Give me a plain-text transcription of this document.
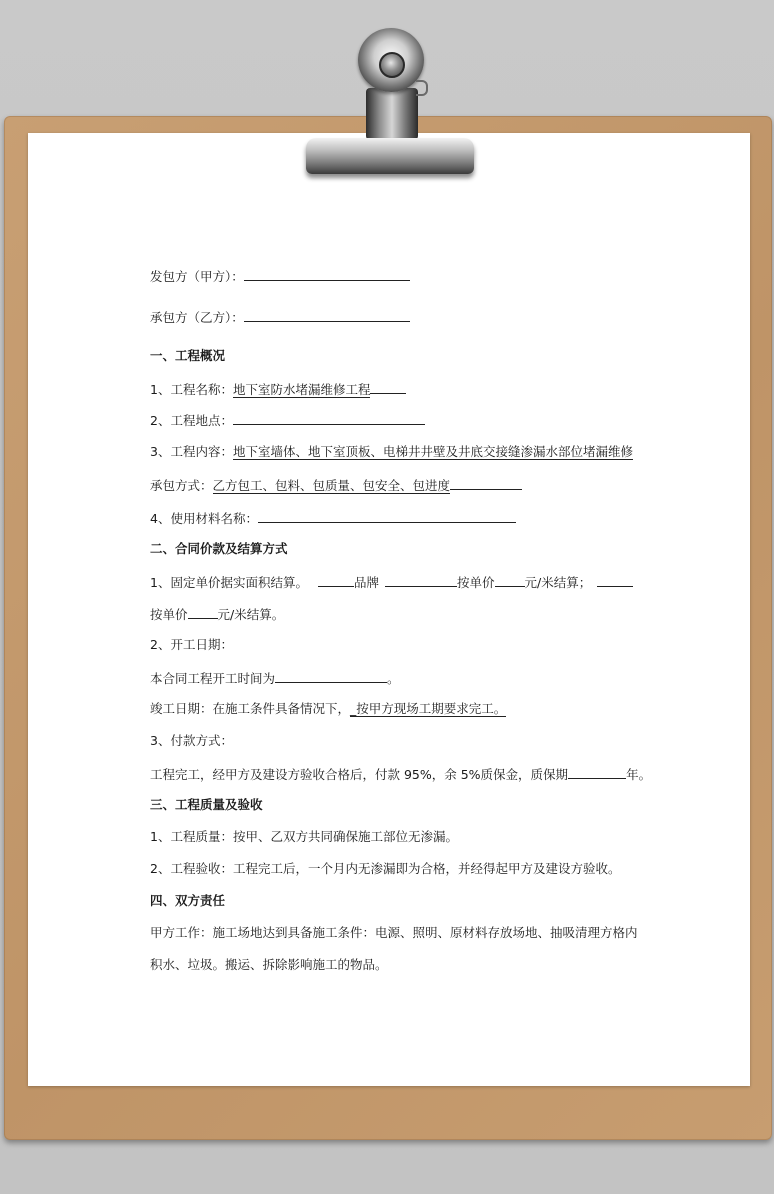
发包方（甲方）：
承包方（乙方）：
一、工程概况
1、工程名称：地下室防水堵漏维修工程
2、工程地点：
3、工程内容：地下室墙体、地下室顶板、电梯井井壁及井底交接缝渗漏水部位堵漏维修
承包方式：乙方包工、包料、包质量、包安全、包进度
4、使用材料名称：
二、合同价款及结算方式
1、固定单价据实面积结算。	品牌	按单价 元/米结算；
按单价 元/米结算。
2、开工日期：
本合同工程开工时间为	。
竣工日期：在施工条件具备情况下，_按甲方现场工期要求完工。
3、付款方式：
工程完工，经甲方及建设方验收合格后，付款 95%，余 5%质保金，质保期	年。
三、工程质量及验收
1、工程质量：按甲、乙双方共同确保施工部位无渗漏。
2、工程验收：工程完工后，一个月内无渗漏即为合格，并经得起甲方及建设方验收。
四、双方责任
甲方工作：施工场地达到具备施工条件：电源、照明、原材料存放场地、抽吸清理方格内
积水、垃圾。搬运、拆除影响施工的物品。
